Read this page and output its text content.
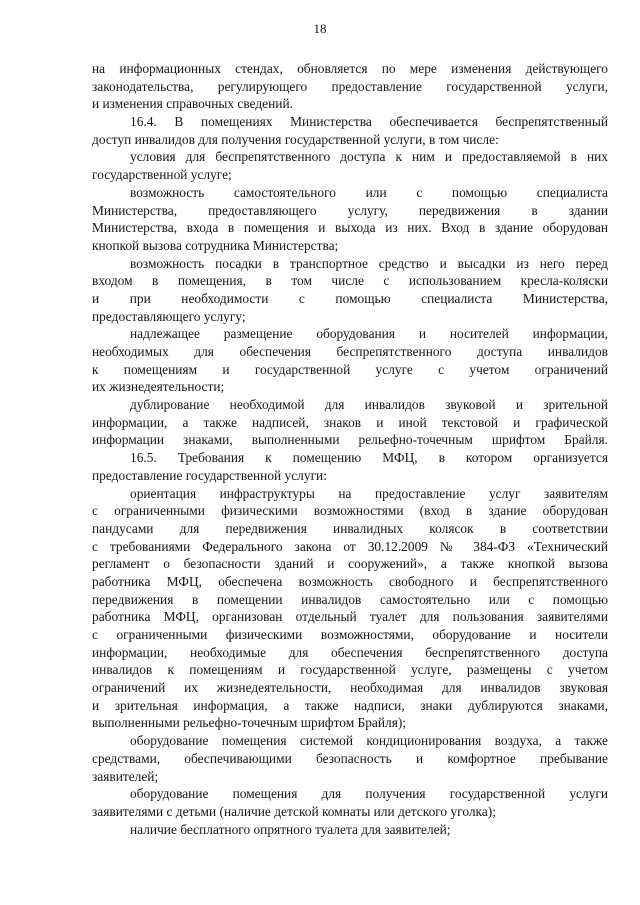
18
на информационных стендах, обновляется по мере изменения действующего
законодательства, регулирующего предоставление государственной услуги,
и изменения справочных сведений.
16.4. В помещениях Министерства обеспечивается беспрепятственный
доступ инвалидов для получения государственной услуги, в том числе:
условия для беспрепятственного доступа к ним и предоставляемой в них
государственной услуге;
возможность самостоятельного или с помощью специалиста
Министерства, предоставляющего услугу, передвижения в здании
Министерства, входа в помещения и выхода из них. Вход в здание оборудован
кнопкой вызова сотрудника Министерства;
возможность посадки в транспортное средство и высадки из него перед
входом в помещения, в том числе с использованием кресла-коляски
и при необходимости с помощью специалиста Министерства,
предоставляющего услугу;
надлежащее размещение оборудования и носителей информации,
необходимых для обеспечения беспрепятственного доступа инвалидов
к помещениям и государственной услуге с учетом ограничений
их жизнедеятельности;
дублирование необходимой для инвалидов звуковой и зрительной
информации, а также надписей, знаков и иной текстовой и графической
информации знаками, выполненными рельефно-точечным шрифтом Брайля.
16.5. Требования к помещению МФЦ, в котором организуется
предоставление государственной услуги:
ориентация инфраструктуры на предоставление услуг заявителям
с ограниченными физическими возможностями (вход в здание оборудован
пандусами для передвижения инвалидных колясок в соответствии
с требованиями Федерального закона от 30.12.2009 № 384-ФЗ «Технический
регламент о безопасности зданий и сооружений», а также кнопкой вызова
работника МФЦ, обеспечена возможность свободного и беспрепятственного
передвижения в помещении инвалидов самостоятельно или с помощью
работника МФЦ, организован отдельный туалет для пользования заявителями
с ограниченными физическими возможностями, оборудование и носители
информации, необходимые для обеспечения беспрепятственного доступа
инвалидов к помещениям и государственной услуге, размещены с учетом
ограничений их жизнедеятельности, необходимая для инвалидов звуковая
и зрительная информация, а также надписи, знаки дублируются знаками,
выполненными рельефно-точечным шрифтом Брайля);
оборудование помещения системой кондиционирования воздуха, а также
средствами, обеспечивающими безопасность и комфортное пребывание
заявителей;
оборудование помещения для получения государственной услуги
заявителями с детьми (наличие детской комнаты или детского уголка);
наличие бесплатного опрятного туалета для заявителей;
